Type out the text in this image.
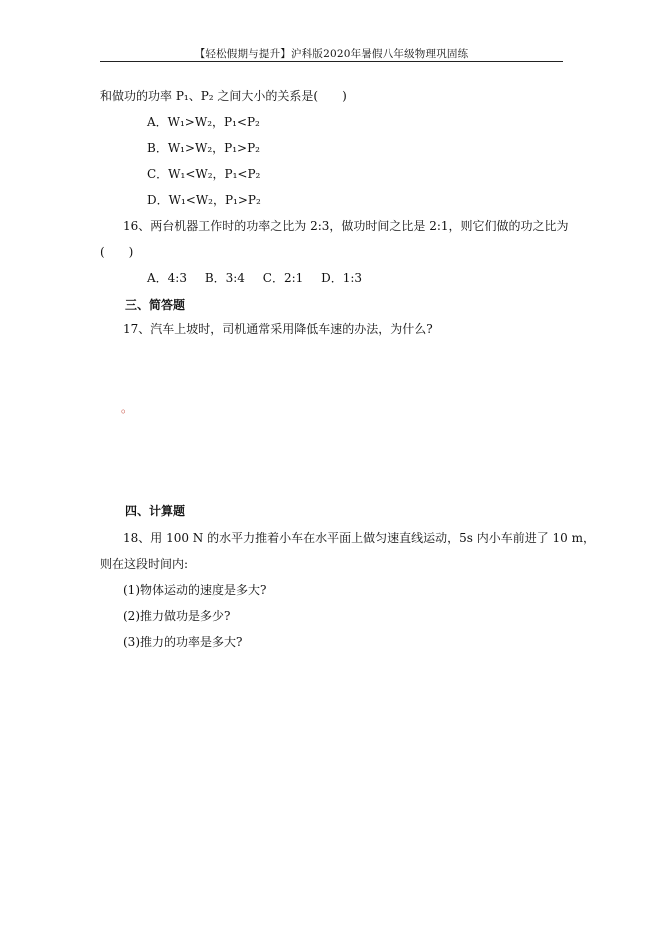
【轻松假期与提升】沪科版2020年暑假八年级物理巩固练
和做功的功率 P₁、P₂ 之间大小的关系是(　　)
A．W₁>W₂，P₁<P₂
B．W₁>W₂，P₁>P₂
C．W₁<W₂，P₁<P₂
D．W₁<W₂，P₁>P₂
16、两台机器工作时的功率之比为 2:3，做功时间之比是 2:1，则它们做的功之比为
(　　)
A．4:3 B．3:4 C．2:1 D．1:3
三、简答题
17、汽车上坡时，司机通常采用降低车速的办法，为什么?
。
四、计算题
18、用 100 N 的水平力推着小车在水平面上做匀速直线运动，5s 内小车前进了 10 m，
则在这段时间内:
(1)物体运动的速度是多大?
(2)推力做功是多少?
(3)推力的功率是多大?
